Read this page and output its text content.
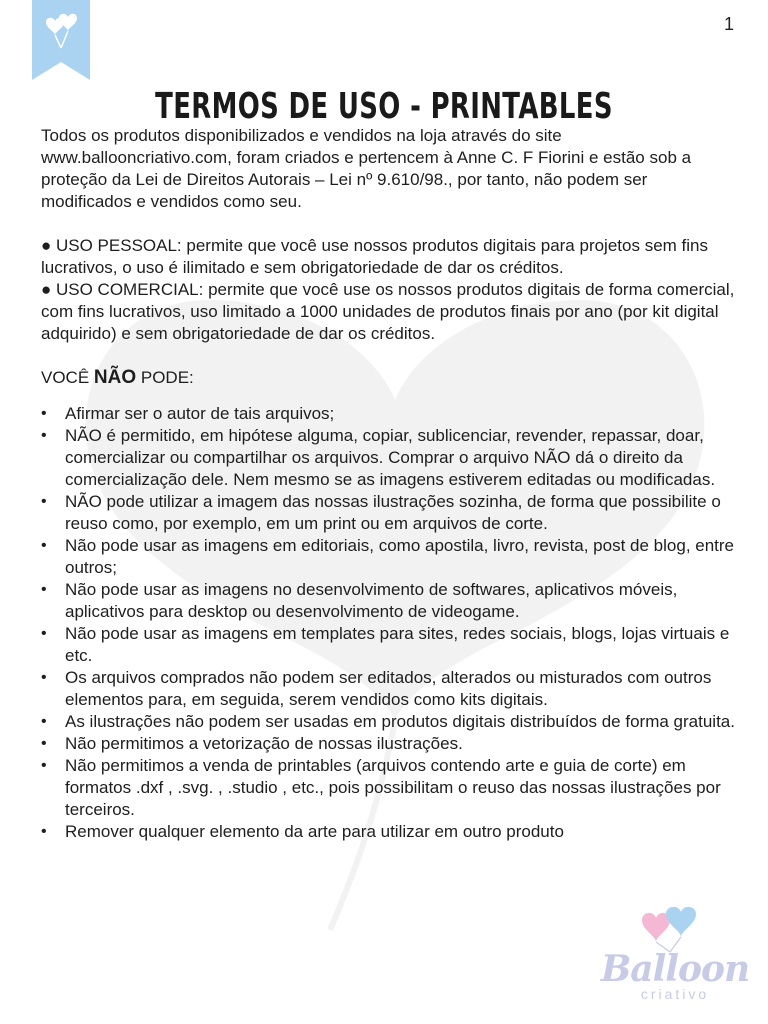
1
TERMOS DE USO - PRINTABLES

Todos os produtos disponibilizados e vendidos na loja através do site www.ballooncriativo.com, foram criados e pertencem à Anne C. F Fiorini e estão sob a proteção da Lei de Direitos Autorais – Lei nº 9.610/98., por tanto, não podem ser modificados e vendidos como seu.

● USO PESSOAL: permite que você use nossos produtos digitais para projetos sem fins lucrativos, o uso é ilimitado e sem obrigatoriedade de dar os créditos.

● USO COMERCIAL: permite que você use os nossos produtos digitais de forma comercial, com fins lucrativos, uso limitado a 1000 unidades de produtos finais por ano (por kit digital adquirido) e sem obrigatoriedade de dar os créditos.

VOCÊ NÃO PODE:

• Afirmar ser o autor de tais arquivos;
• NÃO é permitido, em hipótese alguma, copiar, sublicenciar, revender, repassar, doar, comercializar ou compartilhar os arquivos. Comprar o arquivo NÃO dá o direito da comercialização dele. Nem mesmo se as imagens estiverem editadas ou modificadas.
• NÃO pode utilizar a imagem das nossas ilustrações sozinha, de forma que possibilite o reuso como, por exemplo, em um print ou em arquivos de corte.
• Não pode usar as imagens em editoriais, como apostila, livro, revista, post de blog, entre outros;
• Não pode usar as imagens no desenvolvimento de softwares, aplicativos móveis, aplicativos para desktop ou desenvolvimento de videogame.
• Não pode usar as imagens em templates para sites, redes sociais, blogs, lojas virtuais e etc.
• Os arquivos comprados não podem ser editados, alterados ou misturados com outros elementos para, em seguida, serem vendidos como kits digitais.
• As ilustrações não podem ser usadas em produtos digitais distribuídos de forma gratuita.
• Não permitimos a vetorização de nossas ilustrações.
• Não permitimos a venda de printables (arquivos contendo arte e guia de corte) em formatos .dxf , .svg. , .studio , etc., pois possibilitam o reuso das nossas ilustrações por terceiros.
• Remover qualquer elemento da arte para utilizar em outro produto
Balloon
criativo
